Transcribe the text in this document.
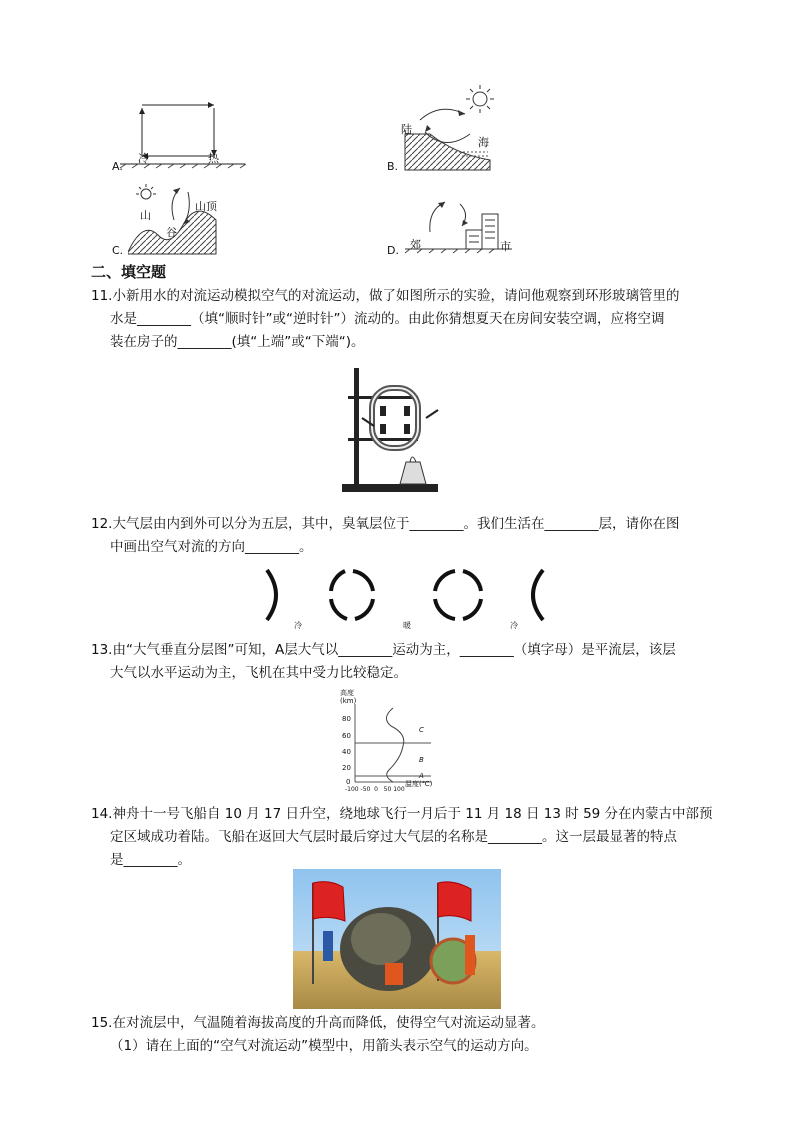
A.
冷	热
B.
陆
海
C.
山
谷
山顶
D. 郊	市
二、填空题
11.小新用水的对流运动模拟空气的对流运动，做了如图所示的实验，请问他观察到环形玻璃管里的
水是________（填“顺时针”或“逆时针”）流动的。由此你猜想夏天在房间安装空调，应将空调
装在房子的________(填“上端”或“下端“)。
12.大气层由内到外可以分为五层，其中，臭氧层位于________。我们生活在________层，请你在图
中画出空气对流的方向________。
冷	暖	冷
13.由“大气垂直分层图”可知，A层大气以________运动为主，________（填字母）是平流层，该层
大气以水平运动为主，飞机在其中受力比较稳定。
高度
(km)
80
60
40
20
0
C
B
A
温度(℃)
-100 -50  0   50 100
14.神舟十一号飞船自 10 月 17 日升空，绕地球飞行一月后于 11 月 18 日 13 时 59 分在内蒙古中部预
定区域成功着陆。飞船在返回大气层时最后穿过大气层的名称是________。这一层最显著的特点
是________。
15.在对流层中，气温随着海拔高度的升高而降低，使得空气对流运动显著。
（1）请在上面的“空气对流运动”模型中，用箭头表示空气的运动方向。
